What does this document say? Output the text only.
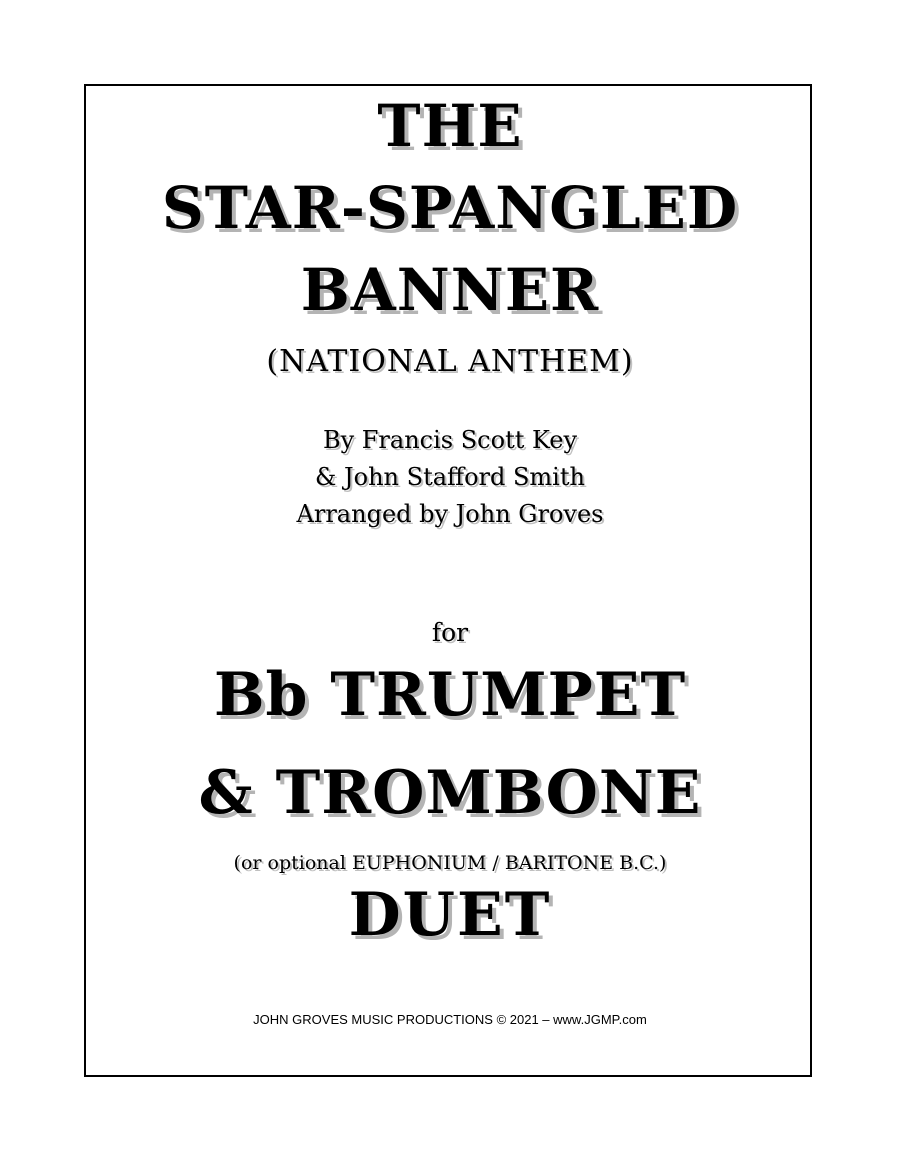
THE
STAR-SPANGLED
BANNER
(NATIONAL ANTHEM)
By Francis Scott Key
& John Stafford Smith
Arranged by John Groves
for
Bb TRUMPET
& TROMBONE
(or optional EUPHONIUM / BARITONE B.C.)
DUET
JOHN GROVES MUSIC PRODUCTIONS © 2021 – www.JGMP.com
